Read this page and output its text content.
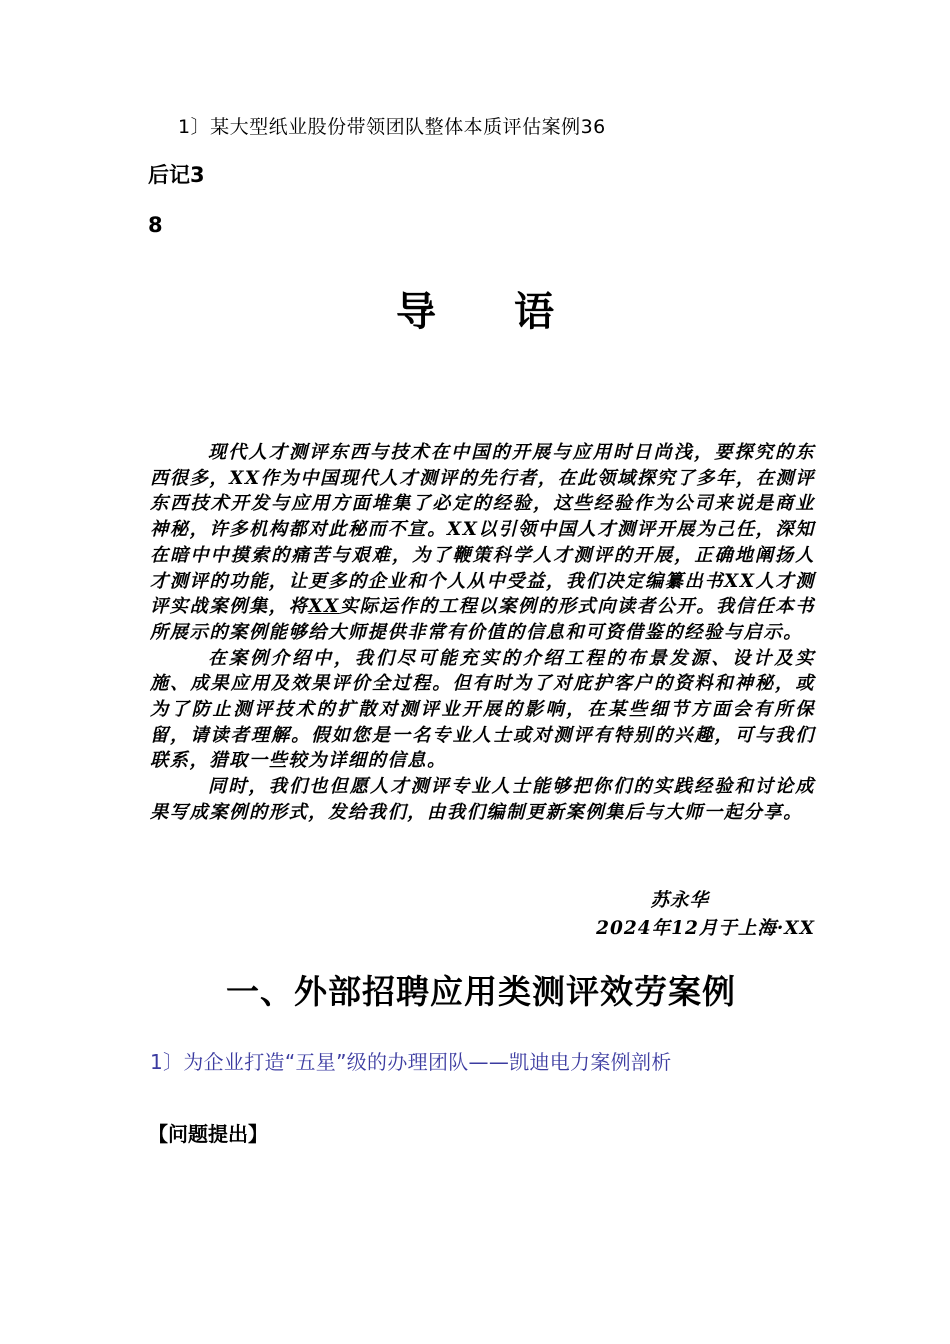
1〕某大型纸业股份带领团队整体本质评估案例36
后记3
8
导 语

现代人才测评东西与技术在中国的开展与应用时日尚浅，要探究的东西很多，XX作为中国现代人才测评的先行者，在此领域探究了多年，在测评东西技术开发与应用方面堆集了必定的经验，这些经验作为公司来说是商业神秘，许多机构都对此秘而不宣。XX以引领中国人才测评开展为己任，深知在暗中中摸索的痛苦与艰难，为了鞭策科学人才测评的开展，正确地阐扬人才测评的功能，让更多的企业和个人从中受益，我们决定编纂出书XX人才测评实战案例集，将XX实际运作的工程以案例的形式向读者公开。我信任本书所展示的案例能够给大师提供非常有价值的信息和可资借鉴的经验与启示。

在案例介绍中，我们尽可能充实的介绍工程的布景发源、设计及实施、成果应用及效果评价全过程。但有时为了对庇护客户的资料和神秘，或为了防止测评技术的扩散对测评业开展的影响，在某些细节方面会有所保留，请读者理解。假如您是一名专业人士或对测评有特别的兴趣，可与我们联系，猎取一些较为详细的信息。

同时，我们也但愿人才测评专业人士能够把你们的实践经验和讨论成果写成案例的形式，发给我们，由我们编制更新案例集后与大师一起分享。

苏永华
2024年12月于上海·XX
一、外部招聘应用类测评效劳案例
1〕为企业打造“五星”级的办理团队——凯迪电力案例剖析
【问题提出】
